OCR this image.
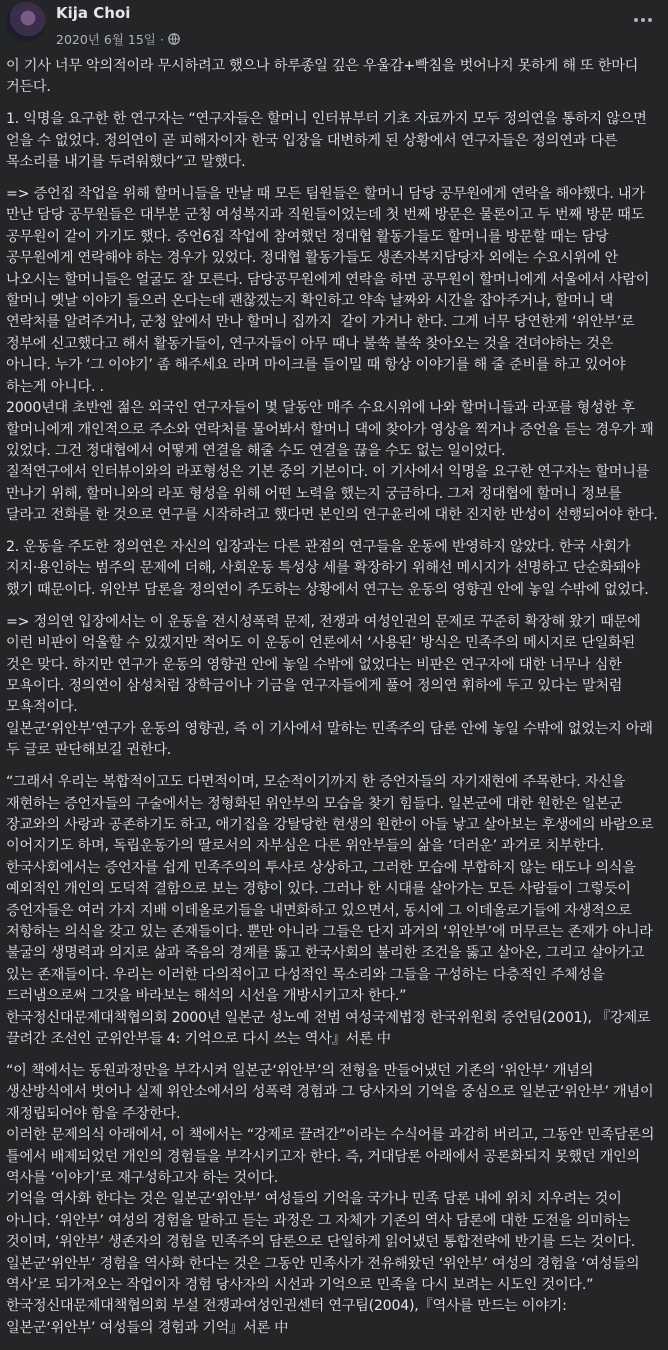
Kija Choi
2020년 6월 15일 ·

이 기사 너무 악의적이라 무시하려고 했으나 하루종일 깊은 우울감+빡침을 벗어나지 못하게 해 또 한마디 거든다.

1. 익명을 요구한 한 연구자는 “연구자들은 할머니 인터뷰부터 기초 자료까지 모두 정의연을 통하지 않으면 얻을 수 없었다. 정의연이 곧 피해자이자 한국 입장을 대변하게 된 상황에서 연구자들은 정의연과 다른 목소리를 내기를 두려워했다”고 말했다.

=> 증언집 작업을 위해 할머니들을 만날 때 모든 팀원들은 할머니 담당 공무원에게 연락을 해야했다. 내가 만난 담당 공무원들은 대부분 군청 여성복지과 직원들이었는데 첫 번째 방문은 물론이고 두 번째 방문 때도 공무원이 같이 가기도 했다. 증언6집 작업에 참여했던 정대협 활동가들도 할머니를 방문할 때는 담당 공무원에게 연락해야 하는 경우가 있었다. 정대협 활동가들도 생존자복지담당자 외에는 수요시위에 안 나오시는 할머니들은 얼굴도 잘 모른다. 담당공무원에게 연락을 하면 공무원이 할머니에게 서울에서 사람이 할머니 옛날 이야기 들으러 온다는데 괜찮겠는지 확인하고 약속 날짜와 시간을 잡아주거나, 할머니 댁 연락처를 알려주거나, 군청 앞에서 만나 할머니 집까지  같이 가거나 한다. 그게 너무 당연한게 ‘위안부’로 정부에 신고했다고 해서 활동가들이, 연구자들이 아무 때나 불쑥 불쑥 찾아오는 것을 견뎌야하는 것은 아니다. 누가 ‘그 이야기’ 좀 해주세요 라며 마이크를 들이밀 때 항상 이야기를 해 줄 준비를 하고 있어야 하는게 아니다. .
2000년대 초반엔 젊은 외국인 연구자들이 몇 달동안 매주 수요시위에 나와 할머니들과 라포를 형성한 후 할머니에게 개인적으로 주소와 연락처를 물어봐서 할머니 댁에 찾아가 영상을 찍거나 증언을 듣는 경우가 꽤 있었다. 그건 정대협에서 어떻게 연결을 해줄 수도 연결을 끊을 수도 없는 일이었다.
질적연구에서 인터뷰이와의 라포형성은 기본 중의 기본이다. 이 기사에서 익명을 요구한 연구자는 할머니를 만나기 위해, 할머니와의 라포 형성을 위해 어떤 노력을 했는지 궁금하다. 그저 정대협에 할머니 정보를 달라고 전화를 한 것으로 연구를 시작하려고 했다면 본인의 연구윤리에 대한 진지한 반성이 선행되어야 한다.

2. 운동을 주도한 정의연은 자신의 입장과는 다른 관점의 연구들을 운동에 반영하지 않았다. 한국 사회가 지지·용인하는 범주의 문제에 더해, 사회운동 특성상 세를 확장하기 위해선 메시지가 선명하고 단순화돼야 했기 때문이다. 위안부 담론을 정의연이 주도하는 상황에서 연구는 운동의 영향권 안에 놓일 수밖에 없었다.

=> 정의연 입장에서는 이 운동을 전시성폭력 문제, 전쟁과 여성인권의 문제로 꾸준히 확장해 왔기 때문에 이런 비판이 억울할 수 있겠지만 적어도 이 운동이 언론에서 ‘사용된’ 방식은 민족주의 메시지로 단일화된 것은 맞다. 하지만 연구가 운동의 영향권 안에 놓일 수밖에 없었다는 비판은 연구자에 대한 너무나 심한 모욕이다. 정의연이 삼성처럼 장학금이나 기금을 연구자들에게 풀어 정의연 휘하에 두고 있다는 말처럼 모욕적이다.
일본군‘위안부’연구가 운동의 영향권, 즉 이 기사에서 말하는 민족주의 담론 안에 놓일 수밖에 없었는지 아래 두 글로 판단해보길 권한다.

“그래서 우리는 복합적이고도 다면적이며, 모순적이기까지 한 증언자들의 자기재현에 주목한다. 자신을 재현하는 증언자들의 구술에서는 정형화된 위안부의 모습을 찾기 힘들다. 일본군에 대한 원한은 일본군 장교와의 사랑과 공존하기도 하고, 애기집을 강탈당한 현생의 원한이 아들 낳고 살아보는 후생에의 바람으로 이어지기도 하며, 독립운동가의 딸로서의 자부심은 다른 위안부들의 삶을 ‘더러운’ 과거로 치부한다. 한국사회에서는 증언자를 쉽게 민족주의의 투사로 상상하고, 그러한 모습에 부합하지 않는 태도나 의식을 예외적인 개인의 도덕적 결함으로 보는 경향이 있다. 그러나 한 시대를 살아가는 모든 사람들이 그렇듯이 증언자들은 여러 가지 지배 이데올로기들을 내면화하고 있으면서, 동시에 그 이데올로기들에 자생적으로 저항하는 의식을 갖고 있는 존재들이다. 뿐만 아니라 그들은 단지 과거의 ‘위안부’에 머무르는 존재가 아니라 불굴의 생명력과 의지로 삶과 죽음의 경계를 뚫고 한국사회의 불리한 조건을 뚫고 살아온, 그리고 살아가고 있는 존재들이다. 우리는 이러한 다의적이고 다성적인 목소리와 그들을 구성하는 다층적인 주체성을 드러냄으로써 그것을 바라보는 해석의 시선을 개방시키고자 한다.”
한국정신대문제대책협의회 2000년 일본군 성노예 전범 여성국제법정 한국위원회 증언팀(2001), 『강제로 끌려간 조선인 군위안부들 4: 기억으로 다시 쓰는 역사』서론 中

“이 책에서는 동원과정만을 부각시켜 일본군‘위안부’의 전형을 만들어냈던 기존의 ‘위안부’ 개념의 생산방식에서 벗어나 실제 위안소에서의 성폭력 경험과 그 당사자의 기억을 중심으로 일본군‘위안부’ 개념이 재정립되어야 함을 주장한다.
이러한 문제의식 아래에서, 이 책에서는 “강제로 끌려간”이라는 수식어를 과감히 버리고, 그동안 민족담론의 틀에서 배제되었던 개인의 경험들을 부각시키고자 한다. 즉, 거대담론 아래에서 공론화되지 못했던 개인의 역사를 ‘이야기’로 재구성하고자 하는 것이다.
기억을 역사화 한다는 것은 일본군‘위안부’ 여성들의 기억을 국가나 민족 담론 내에 위치 지우려는 것이 아니다. ‘위안부’ 여성의 경험을 말하고 듣는 과정은 그 자체가 기존의 역사 담론에 대한 도전을 의미하는 것이며, ‘위안부’ 생존자의 경험을 민족주의 담론으로 단일하게 읽어냈던 통합전략에 반기를 드는 것이다. 일본군‘위안부’ 경험을 역사화 한다는 것은 그동안 민족사가 전유해왔던 ‘위안부’ 여성의 경험을 ‘여성들의 역사’로 되가져오는 작업이자 경험 당사자의 시선과 기억으로 민족을 다시 보려는 시도인 것이다.”
한국정신대문제대책협의회 부설 전쟁과여성인권센터 연구팀(2004),『역사를 만드는 이야기: 일본군‘위안부’ 여성들의 경험과 기억』서론 中
